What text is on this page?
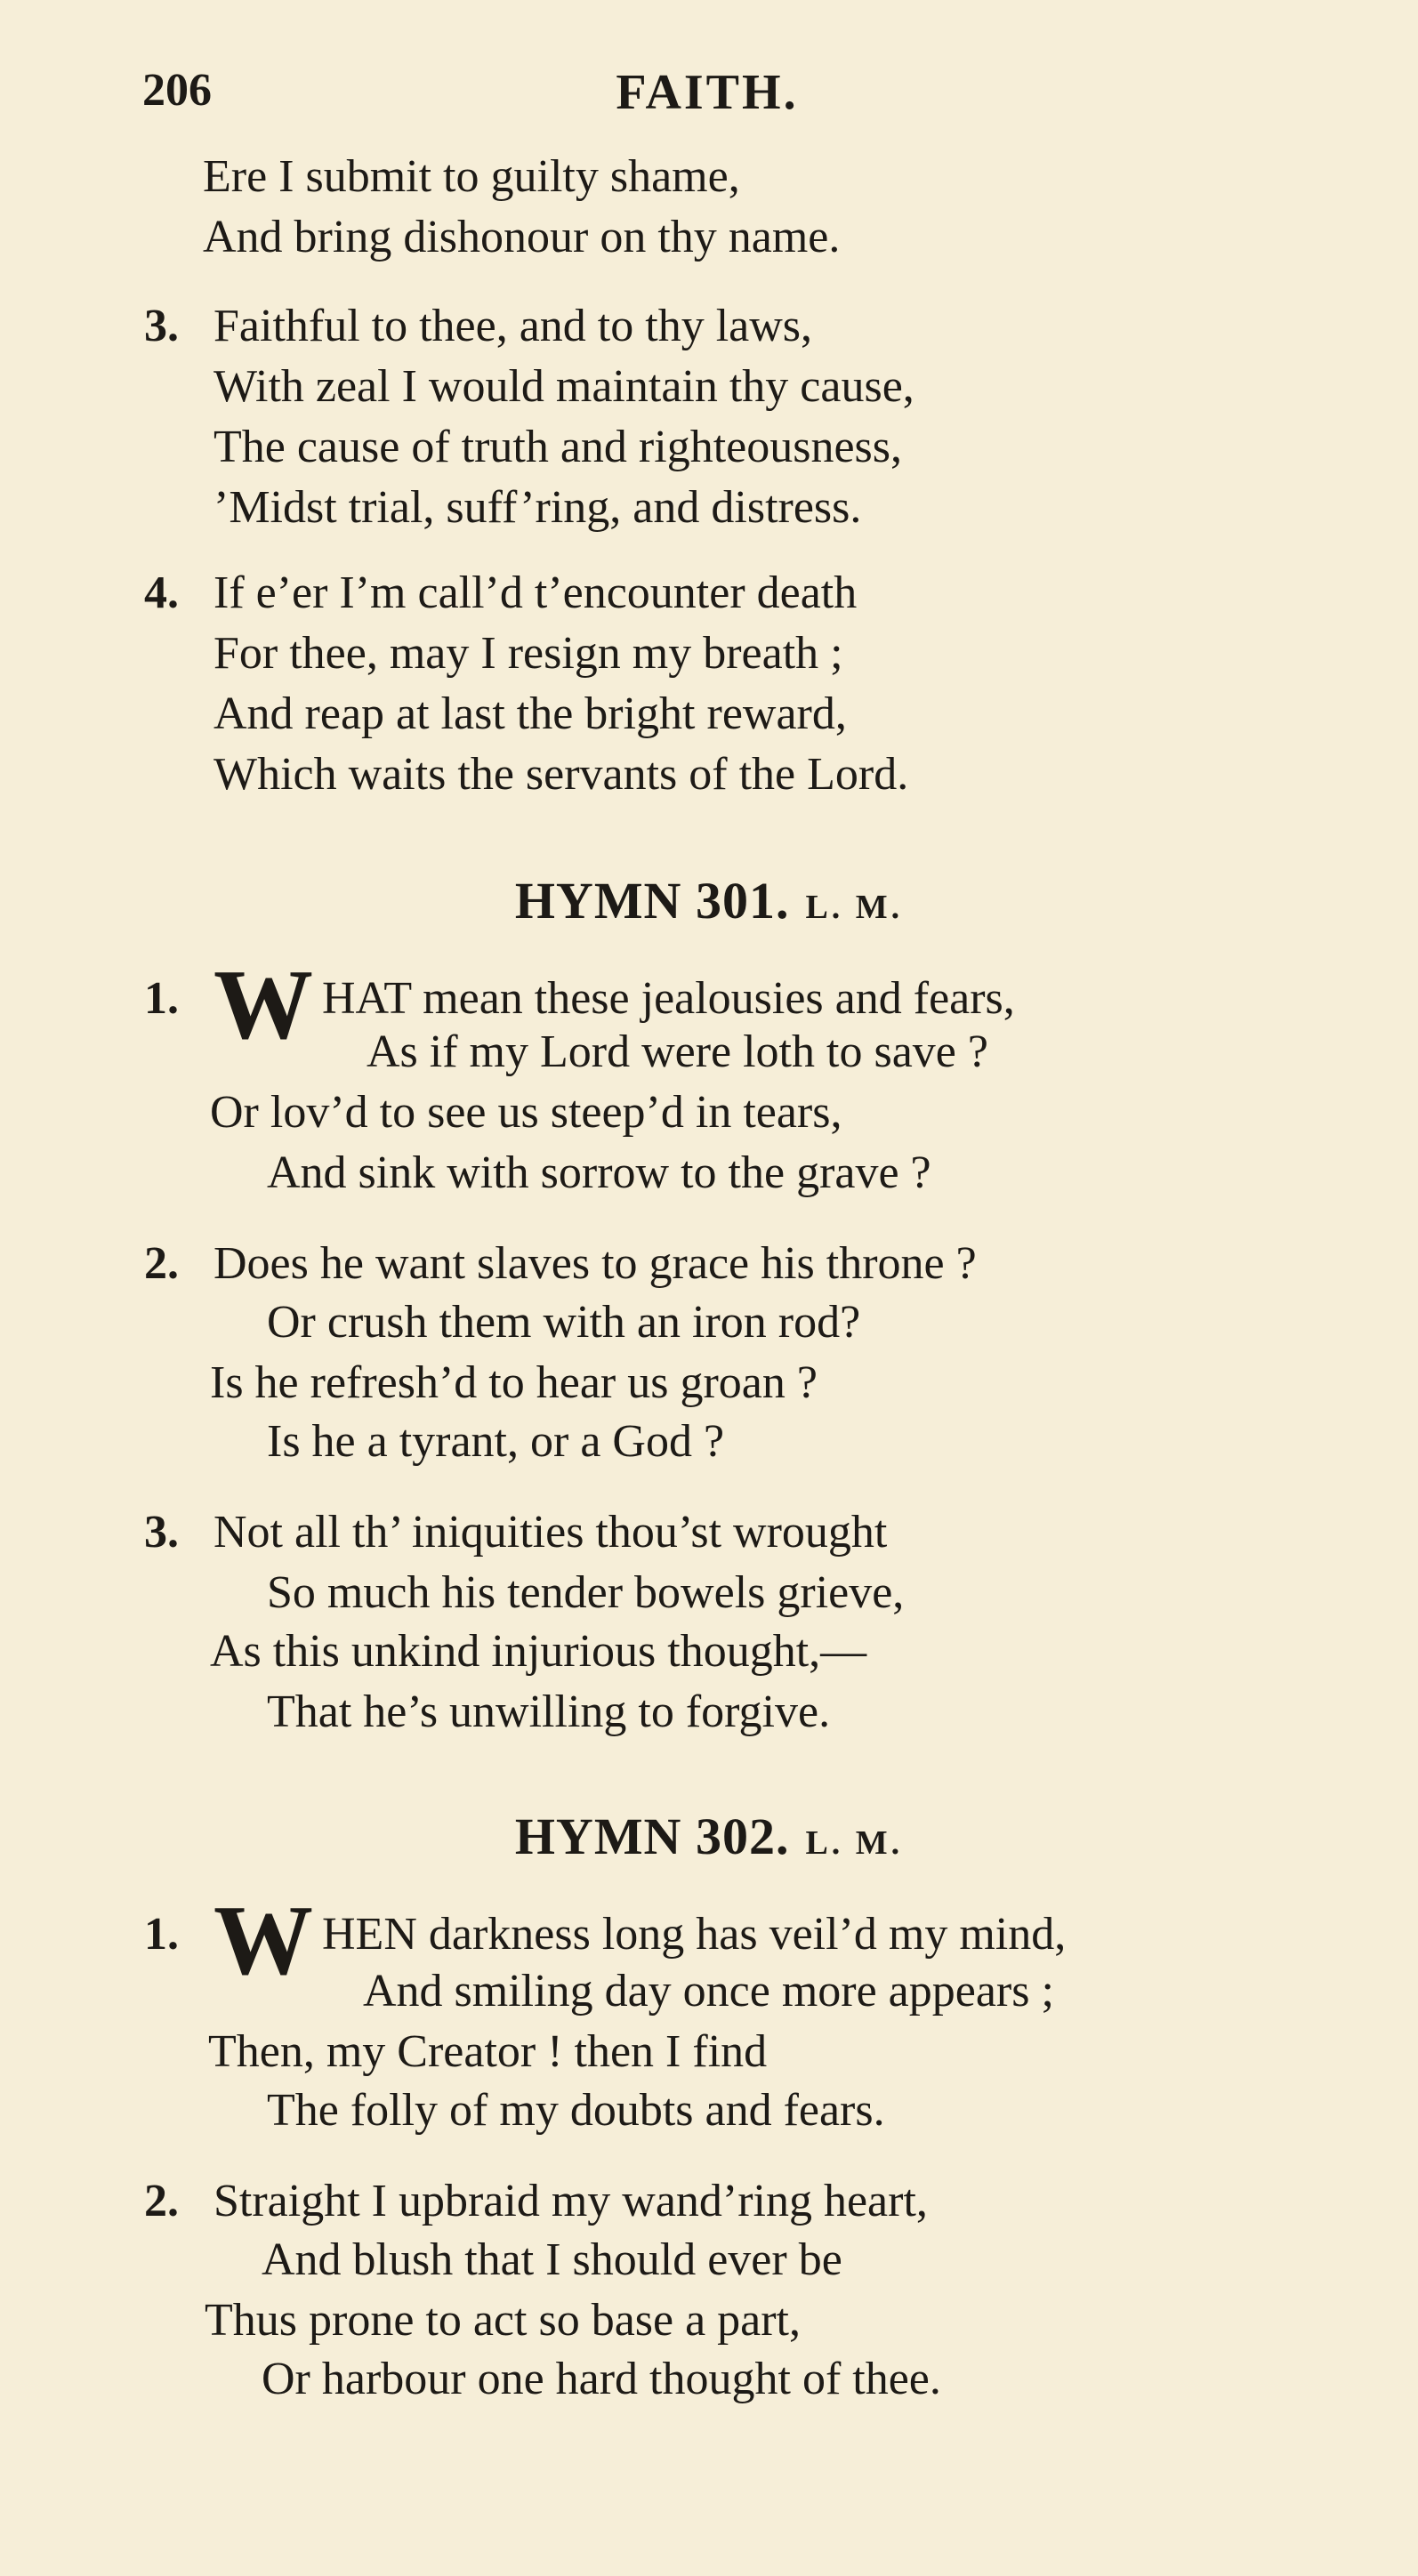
206	FAITH.
Ere I submit to guilty shame,
And bring dishonour on thy name.
3. Faithful to thee, and to thy laws,
With zeal I would maintain thy cause,
The cause of truth and righteousness,
’Midst trial, suff’ring, and distress.
4. If e’er I’m call’d t’encounter death
For thee, may I resign my breath ;
And reap at last the bright reward,
Which waits the servants of the Lord.
HYMN 301. L. M.
1. W HAT mean these jealousies and fears,
As if my Lord were loth to save ?
Or lov’d to see us steep’d in tears,
And sink with sorrow to the grave ?
2. Does he want slaves to grace his throne ?
Or crush them with an iron rod?
Is he refresh’d to hear us groan ?
Is he a tyrant, or a God ?
3. Not all th’ iniquities thou’st wrought
So much his tender bowels grieve,
As this unkind injurious thought,—
That he’s unwilling to forgive.
HYMN 302. L. M.
1. W HEN darkness long has veil’d my mind,
And smiling day once more appears ;
Then, my Creator ! then I find
The folly of my doubts and fears.
2. Straight I upbraid my wand’ring heart,
And blush that I should ever be
Thus prone to act so base a part,
Or harbour one hard thought of thee.
